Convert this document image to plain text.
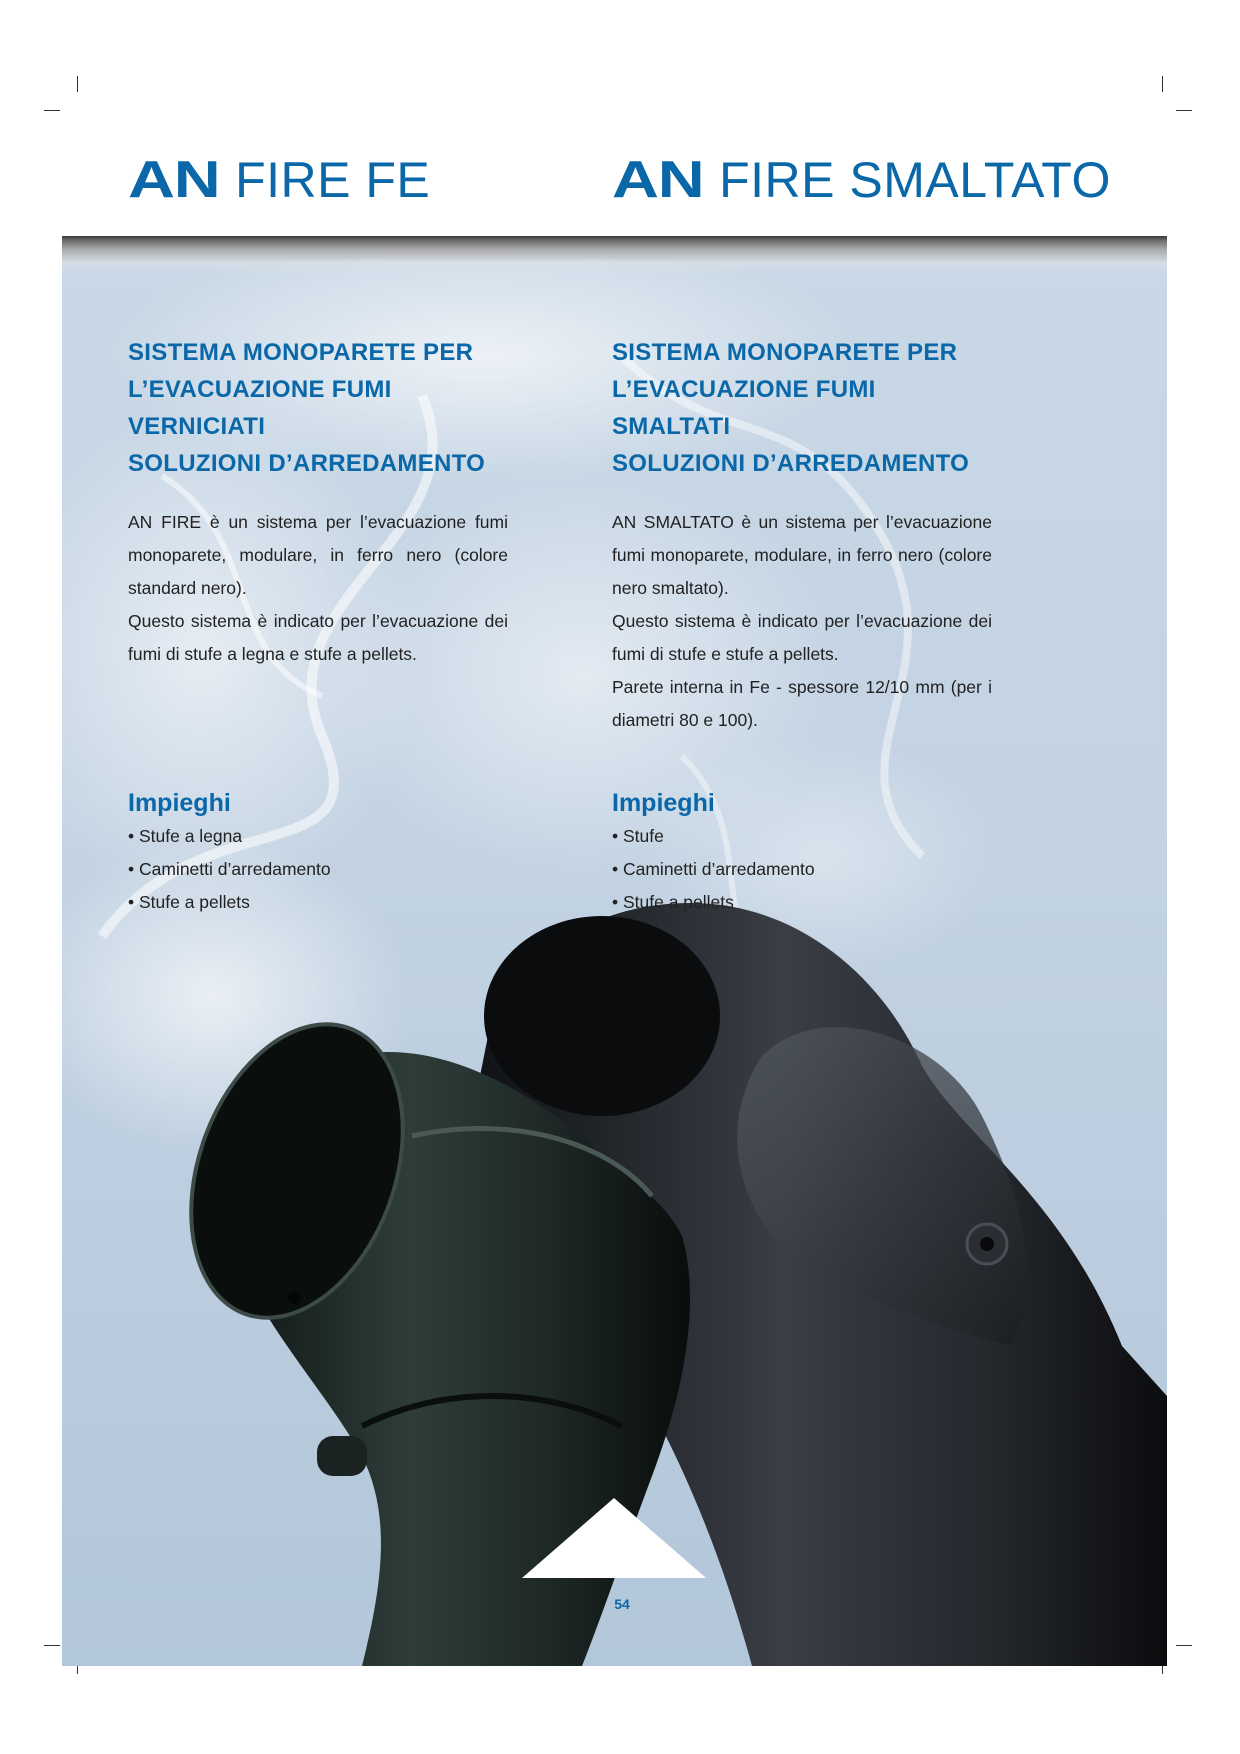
AN FIRE FE	AN FIRE SMALTATO
SISTEMA MONOPARETE PER
L’EVACUAZIONE FUMI
VERNICIATI
SOLUZIONI D’ARREDAMENTO

AN FIRE è un sistema per l’evacuazione fumi monoparete, modulare, in ferro nero (colore standard nero).

Questo sistema è indicato per l’evacuazione dei fumi di stufe a legna e stufe a pellets.

Impieghi
• Stufe a legna
• Caminetti d’arredamento
• Stufe a pellets
SISTEMA MONOPARETE PER
L’EVACUAZIONE FUMI
SMALTATI
SOLUZIONI D’ARREDAMENTO

AN SMALTATO è un sistema per l’evacuazione fumi monoparete, modulare, in ferro nero (colore nero smaltato).

Questo sistema è indicato per l’evacuazione dei fumi di stufe e stufe a pellets.

Parete interna in Fe - spessore 12/10 mm (per i diametri 80 e 100).

Impieghi
• Stufe
• Caminetti d’arredamento
• Stufe a pellets
54
